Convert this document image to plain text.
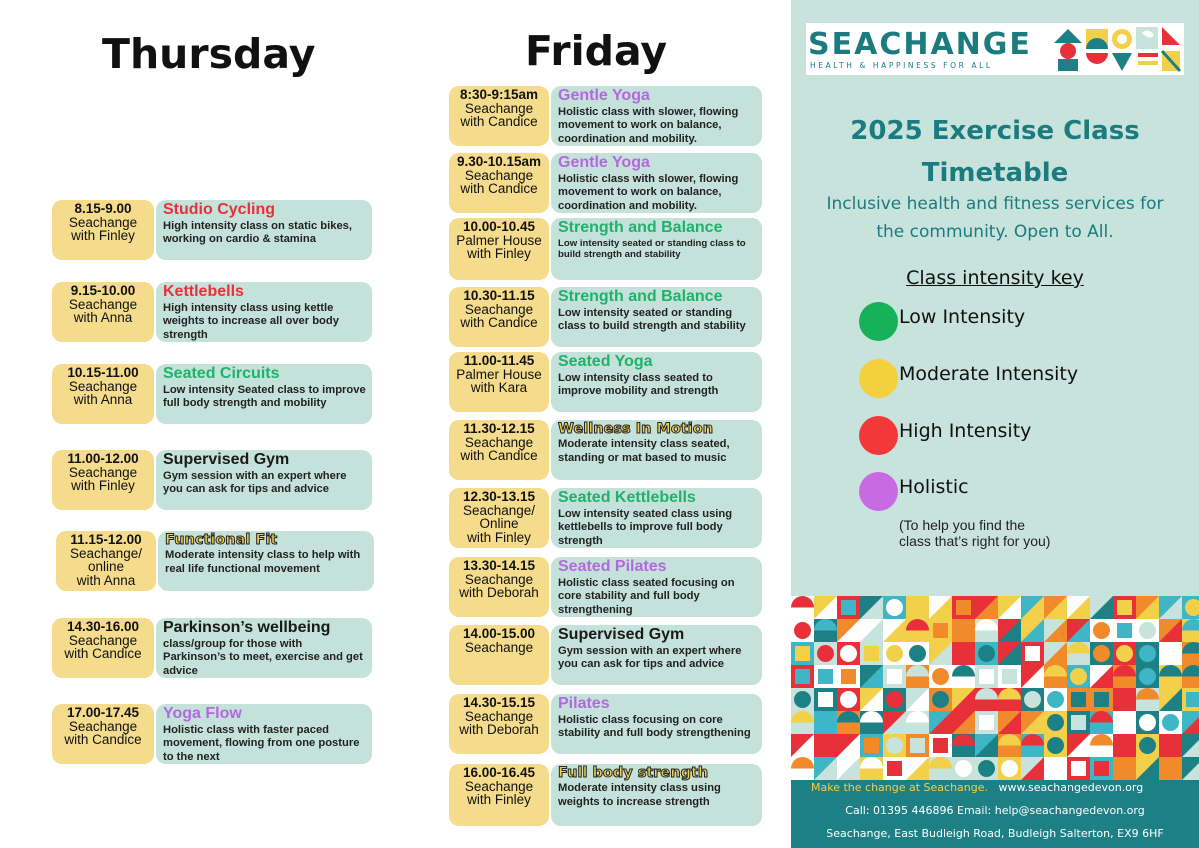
Thursday	Friday
8.15-9.00
Seachange
with Finley
Studio Cycling
High intensity class on static bikes, working on cardio & stamina
9.15-10.00
Seachange
with Anna
Kettlebells
High intensity class using kettle weights to increase all over body strength
10.15-11.00
Seachange
with Anna
Seated Circuits
Low intensity Seated class to improve full body strength and mobility
11.00-12.00
Seachange
with Finley
Supervised Gym
Gym session with an expert where you can ask for tips and advice
11.15-12.00
Seachange/
online
with Anna
Functional Fit
Moderate intensity class to help with real life functional movement
14.30-16.00
Seachange
with Candice
Parkinson’s wellbeing
class/group for those with Parkinson’s to meet, exercise and get advice
17.00-17.45
Seachange
with Candice
Yoga Flow
Holistic class with faster paced movement, flowing from one posture to the next
8:30-9:15am
Seachange
with Candice
Gentle Yoga
Holistic class with slower, flowing movement to work on balance, coordination and mobility.
9.30-10.15am
Seachange
with Candice
Gentle Yoga
Holistic class with slower, flowing movement to work on balance, coordination and mobility.
10.00-10.45
Palmer House
with Finley
Strength and Balance
Low intensity seated or standing class to build strength and stability
10.30-11.15
Seachange
with Candice
Strength and Balance
Low intensity seated or standing class to build strength and stability
11.00-11.45
Palmer House
with Kara
Seated Yoga
Low intensity class seated to improve mobility and strength
11.30-12.15
Seachange
with Candice
Wellness In Motion
Moderate intensity class seated, standing or mat based to music
12.30-13.15
Seachange/
Online
with Finley
Seated Kettlebells
Low intensity seated class using kettlebells to improve full body strength
13.30-14.15
Seachange
with Deborah
Seated Pilates
Holistic class seated focusing on core stability and full body strengthening
14.00-15.00
Seachange
Supervised Gym
Gym session with an expert where you can ask for tips and advice
14.30-15.15
Seachange
with Deborah
Pilates
Holistic class focusing on core stability and full body strengthening
16.00-16.45
Seachange
with Finley
Full body strength
Moderate intensity class using weights to increase strength
SEACHANGE
HEALTH & HAPPINESS FOR ALL
2025 Exercise Class
Timetable
Inclusive health and fitness services for
the community. Open to All.
Class intensity key
Low Intensity
Moderate Intensity
High Intensity
Holistic
(To help you find the
class that’s right for you)
Make the change at Seachange. www.seachangedevon.org
Call: 01395 446896 Email: help@seachangedevon.org
Seachange, East Budleigh Road, Budleigh Salterton, EX9 6HF
